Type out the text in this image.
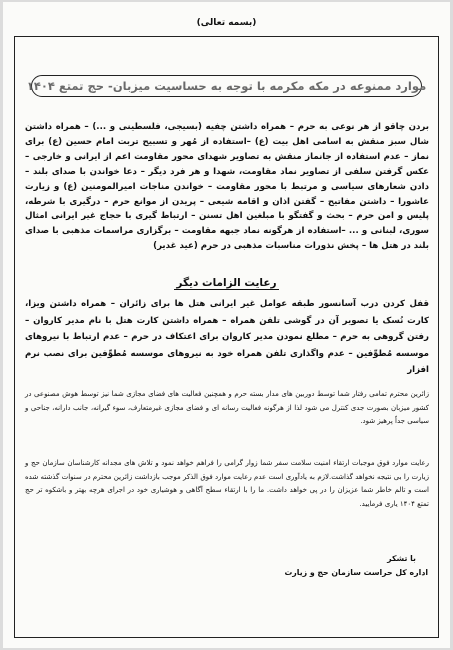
(بسمه تعالی)
موارد ممنوعه در مکه مکرمه با توجه به حساسیت میزبان- حج تمتع ۱۴۰۴
بردن چاقو از هر نوعی به حرم – همراه داشتن چفیه (بسیجی، فلسطینی و ...) – همراه داشتن شال سبز منقش به اسامی اهل بیت (ع) –استفاده از مُهر و تسبیح تربت امام حسین (ع) برای نماز – عدم استفاده از جانماز منقش به تصاویر شهدای محور مقاومت اعم از ایرانی و خارجی – عکس گرفتن سلفی از تصاویر نماد مقاومت، شهدا و هر فرد دیگر – دعا خواندن با صدای بلند – دادن شعارهای سیاسی و مرتبط با محور مقاومت – خواندن مناجات امیرالمومنین (ع) و زیارت عاشورا – داشتن مفاتیح – گفتن اذان و اقامه شیعی – پریدن از موانع حرم – درگیری با شرطه، پلیس و امن حرم – بحث و گفتگو با مبلغین اهل تسنن – ارتباط گیری با حجاج غیر ایرانی امثال سوری، لبنانی و ... –استفاده از هرگونه نماد جبهه مقاومت – برگزاری مراسمات مذهبی با صدای بلند در هتل ها – پخش نذورات مناسبات مذهبی در حرم (عید غدیر)
رعایت الزامات دیگر
قفل کردن درب آسانسور طبقه عوامل غیر ایرانی هتل ها برای زائران – همراه داشتن ویزا، کارت نُسک یا تصویر آن در گوشی تلفن همراه – همراه داشتن کارت هتل با نام مدیر کاروان –رفتن گروهی به حرم – مطلع نمودن مدیر کاروان برای اعتکاف در حرم – عدم ارتباط با نیروهای موسسه مُطوِّفین – عدم واگذاری تلفن همراه خود به نیروهای موسسه مُطوِّفین برای نصب نرم افزار
زائرین محترم تمامی رفتار شما توسط دوربین های مدار بسته حرم و همچنین فعالیت های فضای مجازی شما نیز توسط هوش مصنوعی در کشور میزبان بصورت جدی کنترل می شود لذا از هرگونه فعالیت رسانه ای و فضای مجازی غیرمتعارف، سوء گیرانه، جانب دارانه، جناحی و سیاسی جداً پرهیز شود.
رعایت موارد فوق موجبات ارتقاء امنیت سلامت سفر شما زوار گرامی را فراهم خواهد نمود و تلاش های مجدانه کارشناسان سازمان حج و زیارت را بی نتیجه نخواهد گذاشت.لازم به یادآوری است عدم رعایت موارد فوق الذکر موجب بازداشت زائرین محترم در سنوات گذشته شده است و تالم خاطر شما عزیزان را در پی خواهد داشت. ما را با ارتقاء سطح آگاهی و هوشیاری خود در اجرای هرچه بهتر و باشکوه تر حج تمتع ۱۴۰۴ یاری فرمایید.
با تشکر
اداره کل حراست سازمان حج و زیارت
